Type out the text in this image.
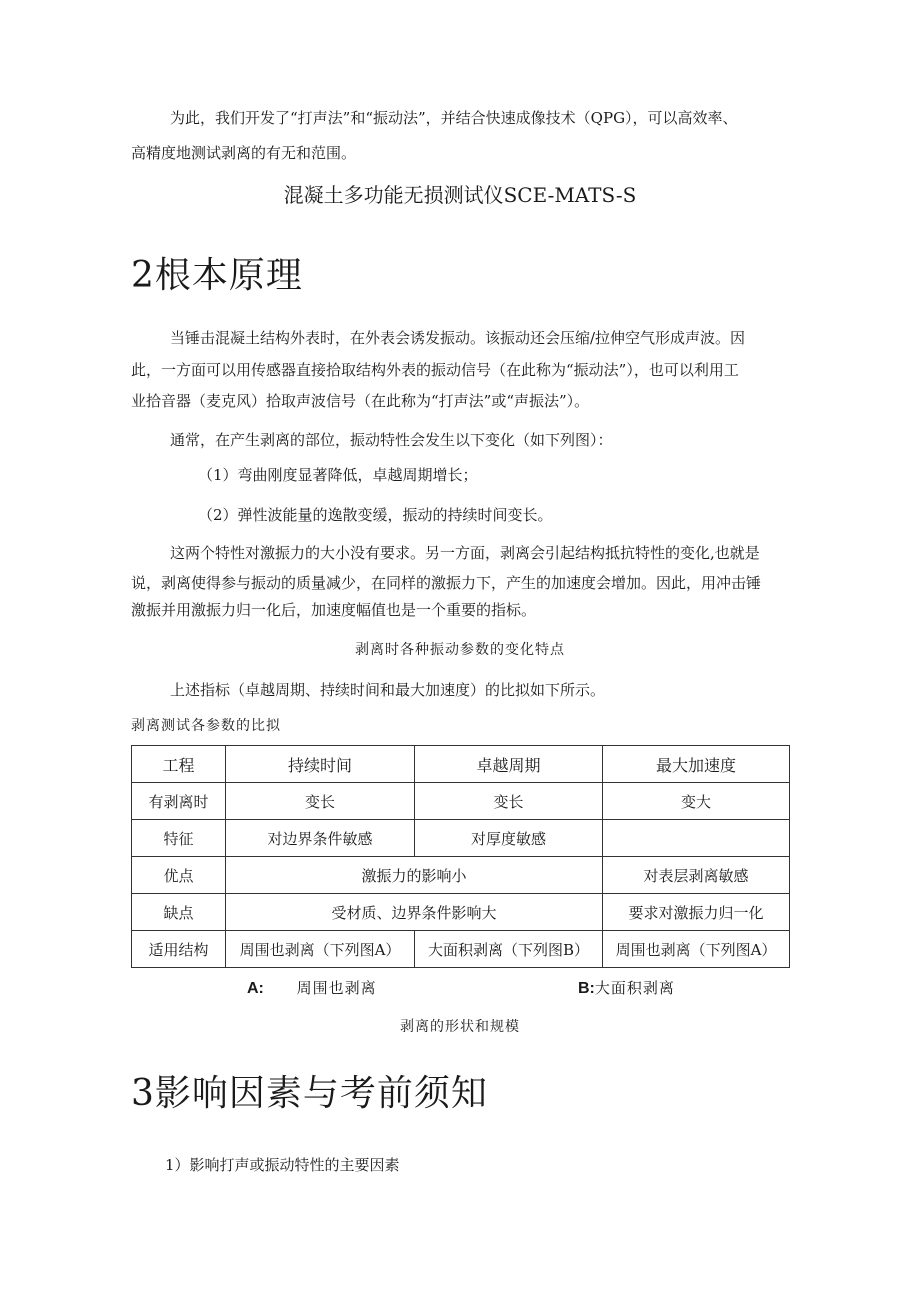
为此，我们开发了“打声法”和“振动法”，并结合快速成像技术（QPG），可以高效率、
高精度地测试剥离的有无和范围。
混凝土多功能无损测试仪SCE-MATS-S
2根本原理
当锤击混凝土结构外表时，在外表会诱发振动。该振动还会压缩/拉伸空气形成声波。因
此，一方面可以用传感器直接拾取结构外表的振动信号（在此称为“振动法”），也可以利用工
业拾音器（麦克风）拾取声波信号（在此称为“打声法”或“声振法”）。
通常，在产生剥离的部位，振动特性会发生以下变化（如下列图）：
（1）弯曲刚度显著降低，卓越周期增长；
（2）弹性波能量的逸散变缓，振动的持续时间变长。
这两个特性对激振力的大小没有要求。另一方面，剥离会引起结构抵抗特性的变化,也就是
说，剥离使得参与振动的质量减少，在同样的激振力下，产生的加速度会增加。因此，用冲击锤
激振并用激振力归一化后，加速度幅值也是一个重要的指标。
剥离时各种振动参数的变化特点
上述指标（卓越周期、持续时间和最大加速度）的比拟如下所示。
剥离测试各参数的比拟
工程	持续时间	卓越周期	最大加速度
有剥离时	变长	变长	变大
特征	对边界条件敏感	对厚度敏感	
优点	激振力的影响小		对表层剥离敏感
缺点	受材质、边界条件影响大		要求对激振力归一化
适用结构	周围也剥离（下列图A）	大面积剥离（下列图B）	周围也剥离（下列图A）
A: 周围也剥离	B:大面积剥离
剥离的形状和规模
3影响因素与考前须知
1）影响打声或振动特性的主要因素
